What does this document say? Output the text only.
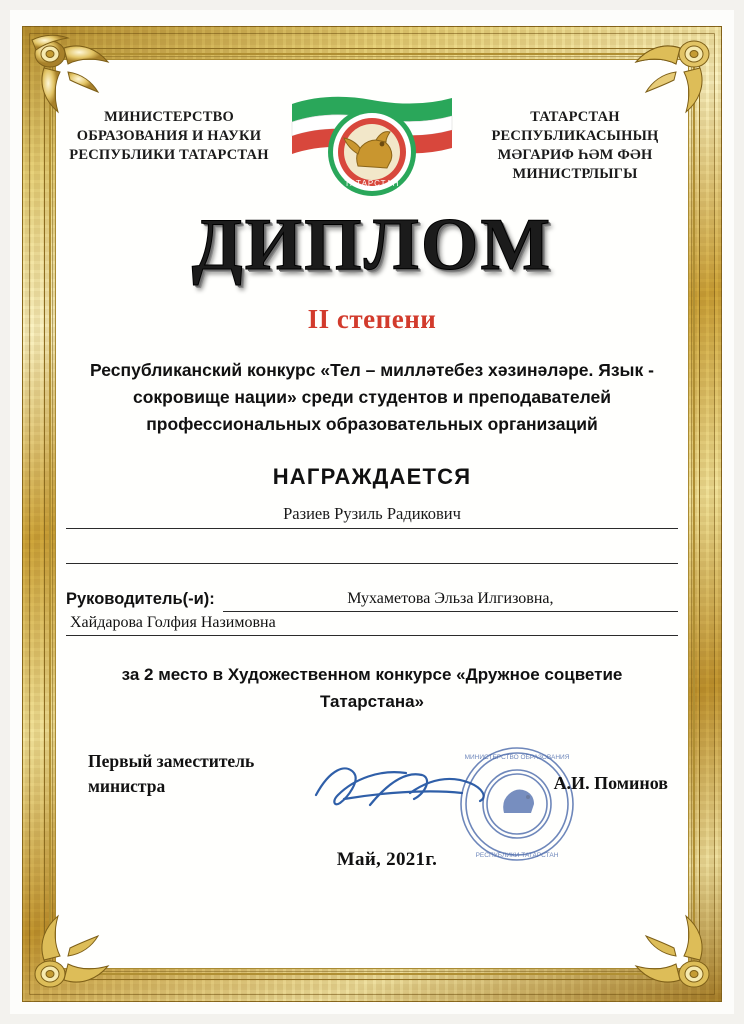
МИНИСТЕРСТВО ОБРАЗОВАНИЯ И НАУКИ РЕСПУБЛИКИ ТАТАРСТАН
ТАТАРСТАН
ТАТАРСТАН РЕСПУБЛИКАСЫНЫҢ МӘГАРИФ ҺӘМ ФӘН МИНИСТРЛЫГЫ
ДИПЛОМ
II степени
Республиканский конкурс «Тел – милләтебез хәзинәләре. Язык - сокровище нации» среди студентов и преподавателей профессиональных образовательных организаций
НАГРАЖДАЕТСЯ
Разиев Рузиль Радикович
Руководитель(-и):	Мухаметова Эльза Илгизовна,
Хайдарова Голфия Назимовна
за 2 место в Художественном конкурсе «Дружное соцветие Татарстана»
Первый заместитель министра
МИНИСТЕРСТВО ОБРАЗОВАНИЯ
РЕСПУБЛИКИ ТАТАРСТАН
А.И. Поминов
Май, 2021г.
